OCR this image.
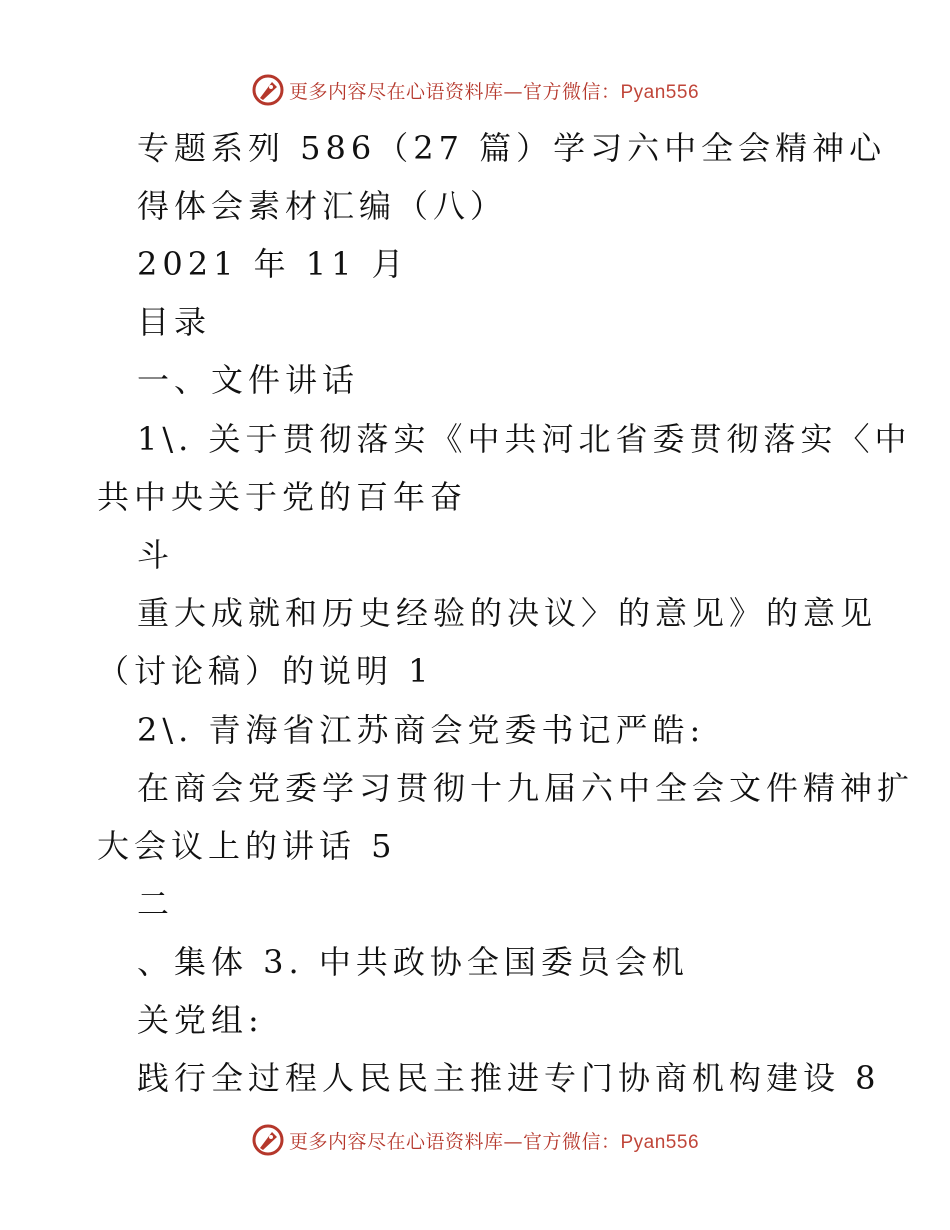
更多内容尽在心语资料库—官方微信：Pyan556
专题系列 586（27 篇）学习六中全会精神心
得体会素材汇编（八）
2021 年 11 月
目录
一、文件讲话
1\. 关于贯彻落实《中共河北省委贯彻落实〈中
共中央关于党的百年奋
斗
重大成就和历史经验的决议〉的意见》的意见
（讨论稿）的说明 1
2\. 青海省江苏商会党委书记严皓:
在商会党委学习贯彻十九届六中全会文件精神扩
大会议上的讲话 5
二
、集体 3. 中共政协全国委员会机
关党组:
践行全过程人民民主推进专门协商机构建设 8
更多内容尽在心语资料库—官方微信：Pyan556
